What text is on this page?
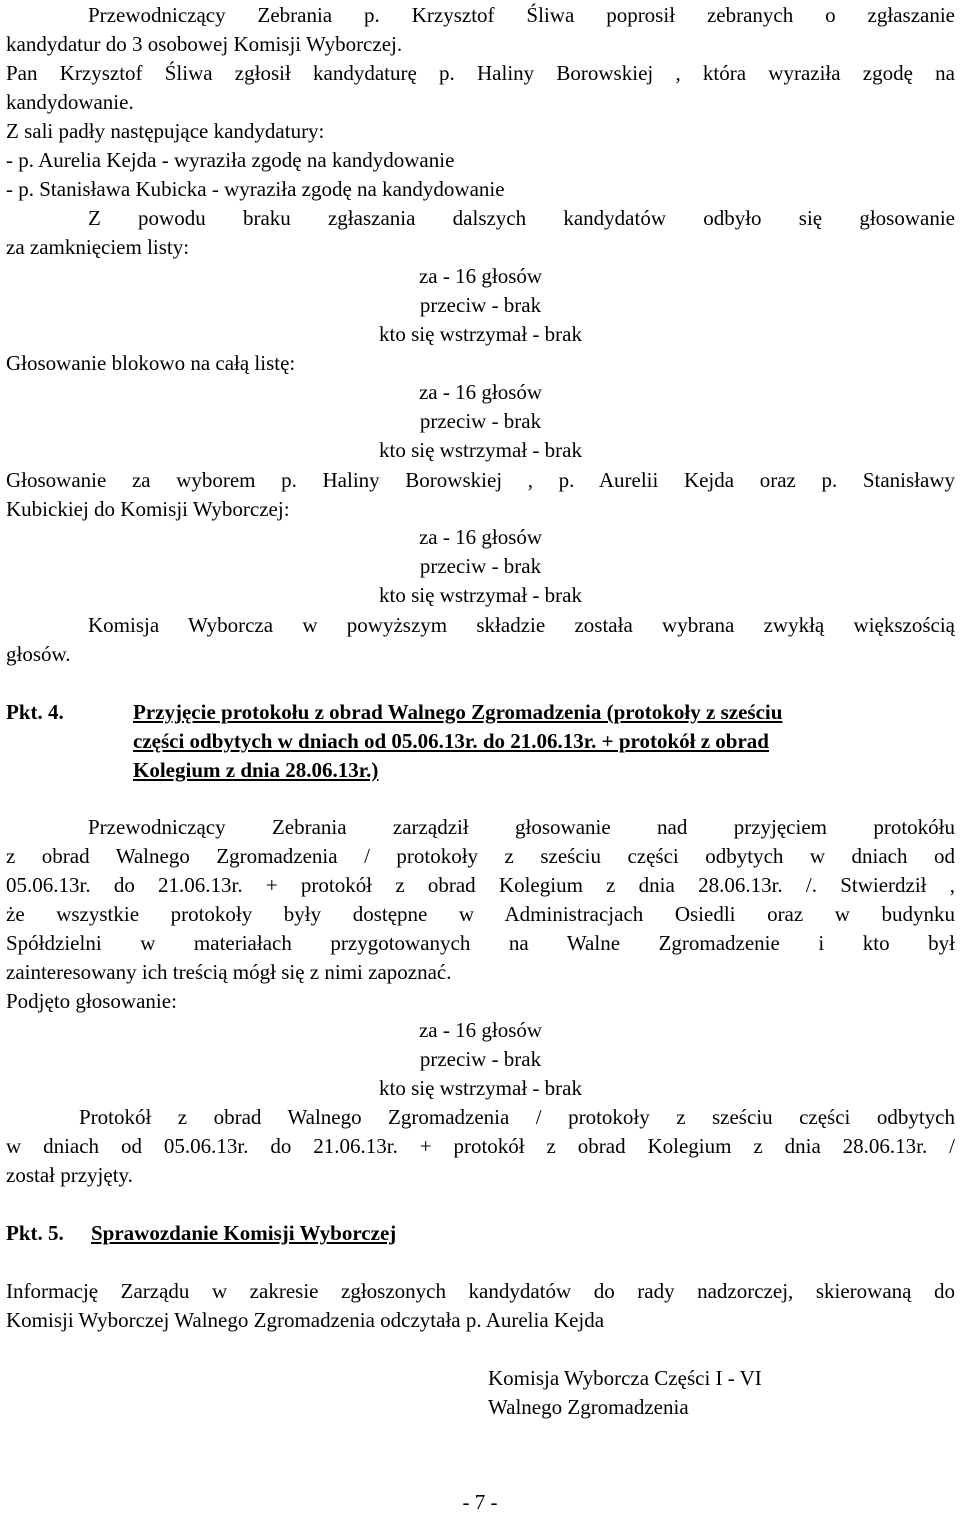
Przewodniczący Zebrania p. Krzysztof Śliwa poprosił zebranych o zgłaszanie
kandydatur do 3 osobowej Komisji Wyborczej.
Pan Krzysztof Śliwa zgłosił kandydaturę p. Haliny Borowskiej , która wyraziła zgodę na
kandydowanie.
Z sali padły następujące kandydatury:
- p. Aurelia Kejda - wyraziła zgodę na kandydowanie
- p. Stanisława Kubicka - wyraziła zgodę na kandydowanie
Z powodu braku zgłaszania dalszych kandydatów odbyło się głosowanie
za zamknięciem listy:
za - 16 głosów
przeciw - brak
kto się wstrzymał - brak
Głosowanie blokowo na całą listę:
za - 16 głosów
przeciw - brak
kto się wstrzymał - brak
Głosowanie za wyborem p. Haliny Borowskiej , p. Aurelii Kejda oraz p. Stanisławy
Kubickiej do Komisji Wyborczej:
za - 16 głosów
przeciw - brak
kto się wstrzymał - brak
Komisja Wyborcza w powyższym składzie została wybrana zwykłą większością
głosów.
Pkt. 4.	Przyjęcie protokołu z obrad Walnego Zgromadzenia (protokoły z sześciu
części odbytych w dniach od 05.06.13r. do 21.06.13r. + protokół z obrad
Kolegium z dnia 28.06.13r.)
Przewodniczący Zebrania zarządził głosowanie nad przyjęciem protokółu
z obrad Walnego Zgromadzenia / protokoły z sześciu części odbytych w dniach od
05.06.13r. do 21.06.13r. + protokół z obrad Kolegium z dnia 28.06.13r. /. Stwierdził ,
że wszystkie protokoły były dostępne w Administracjach Osiedli oraz w budynku
Spółdzielni w materiałach przygotowanych na Walne Zgromadzenie i kto był
zainteresowany ich treścią mógł się z nimi zapoznać.
Podjęto głosowanie:
za - 16 głosów
przeciw - brak
kto się wstrzymał - brak
Protokół z obrad Walnego Zgromadzenia / protokoły z sześciu części odbytych
w dniach od 05.06.13r. do 21.06.13r. + protokół z obrad Kolegium z dnia 28.06.13r. /
został przyjęty.
Pkt. 5. Sprawozdanie Komisji Wyborczej
Informację Zarządu w zakresie zgłoszonych kandydatów do rady nadzorczej, skierowaną do
Komisji Wyborczej Walnego Zgromadzenia odczytała p. Aurelia Kejda
Komisja Wyborcza Części I - VI
Walnego Zgromadzenia
- 7 -
